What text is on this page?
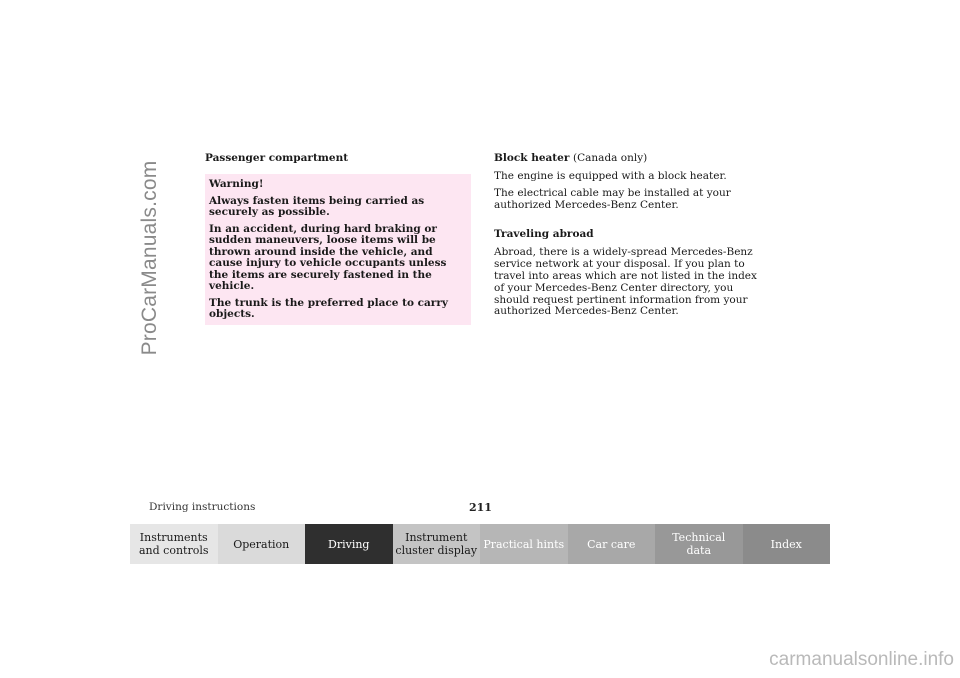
ProCarManuals.com

Passenger compartment

Warning!

Always fasten items being carried as securely as possible.

In an accident, during hard braking or sudden maneuvers, loose items will be thrown around inside the vehicle, and cause injury to vehicle occupants unless the items are securely fastened in the vehicle.

The trunk is the preferred place to carry objects.

Block heater (Canada only)

The engine is equipped with a block heater.

The electrical cable may be installed at your authorized Mercedes-Benz Center.

Traveling abroad

Abroad, there is a widely-spread Mercedes-Benz service network at your disposal. If you plan to travel into areas which are not listed in the index of your Mercedes-Benz Center directory, you should request pertinent information from your authorized Mercedes-Benz Center.

Driving instructions	211
Instruments
and controls Operation	Driving	Instrument
cluster display Practical hints Car care	Technical
data	Index
carmanualsonline.info
